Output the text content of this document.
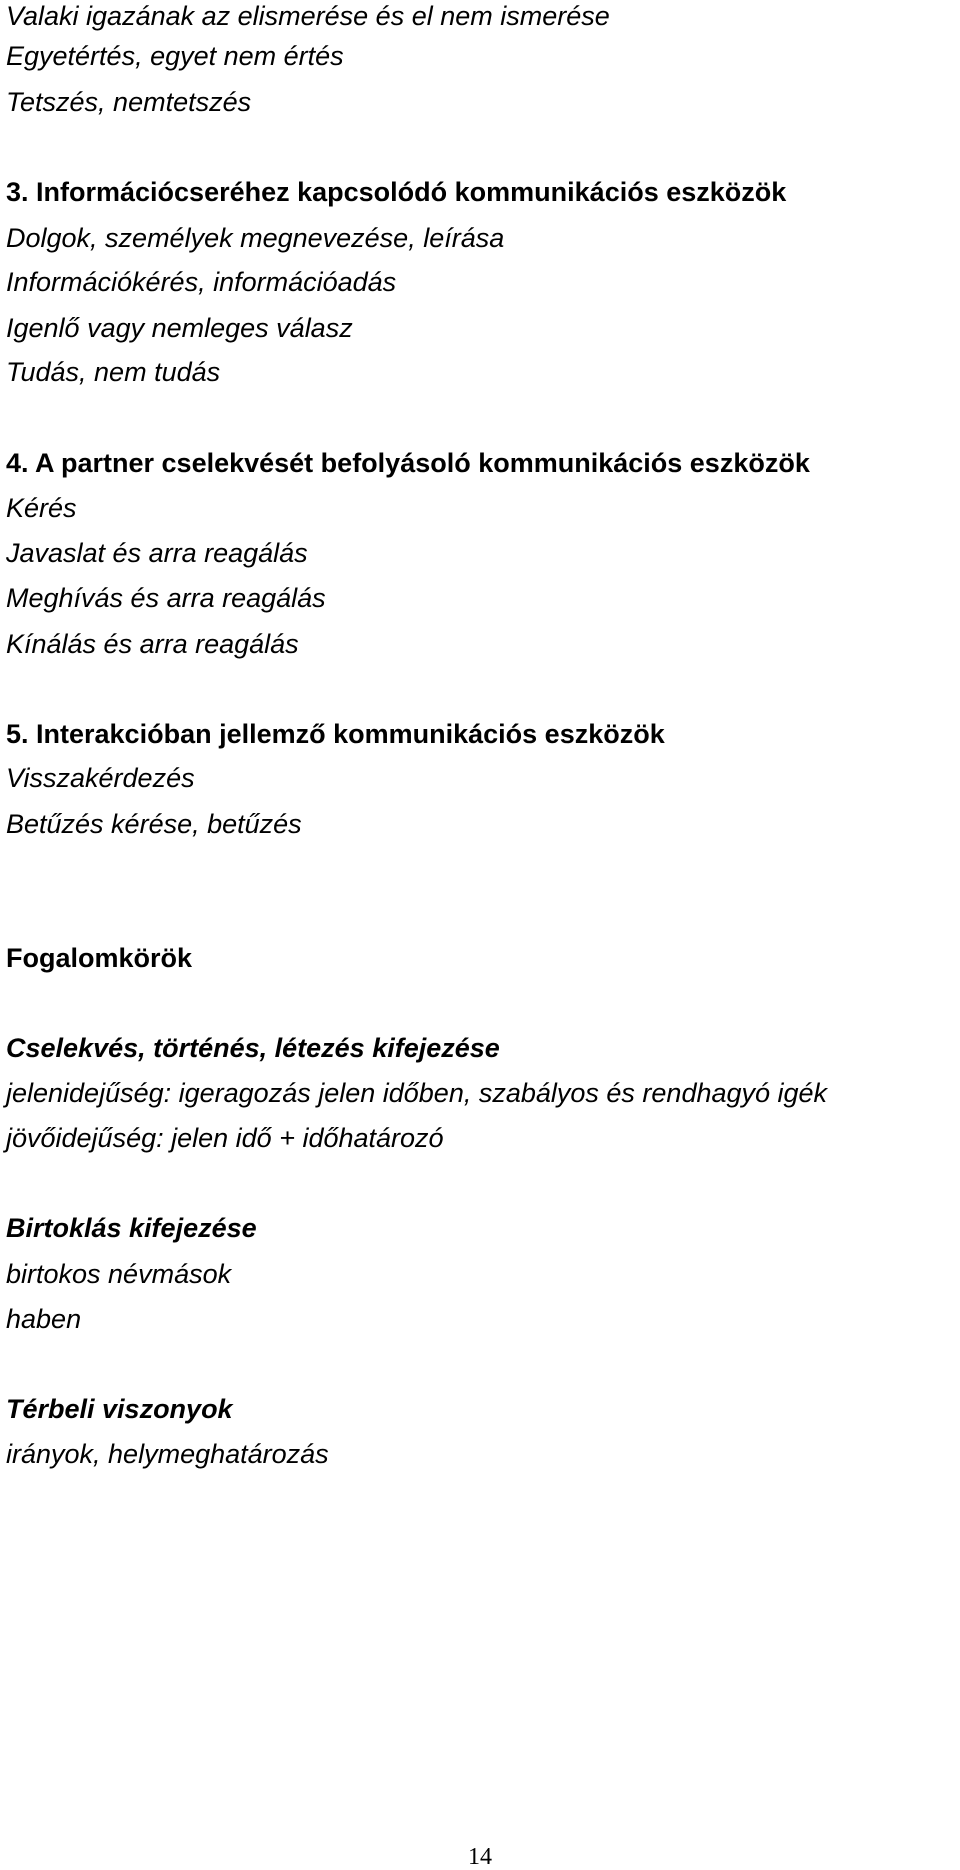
Valaki igazának az elismerése és el nem ismerése
Egyetértés, egyet nem értés
Tetszés, nemtetszés
3. Információcseréhez kapcsolódó kommunikációs eszközök
Dolgok, személyek megnevezése, leírása
Információkérés, információadás
Igenlő vagy nemleges válasz
Tudás, nem tudás
4. A partner cselekvését befolyásoló kommunikációs eszközök
Kérés
Javaslat és arra reagálás
Meghívás és arra reagálás
Kínálás és arra reagálás
5. Interakcióban jellemző kommunikációs eszközök
Visszakérdezés
Betűzés kérése, betűzés
Fogalomkörök
Cselekvés, történés, létezés kifejezése
jelenidejűség: igeragozás jelen időben, szabályos és rendhagyó igék
jövőidejűség: jelen idő + időhatározó
Birtoklás kifejezése
birtokos névmások
haben
Térbeli viszonyok
irányok, helymeghatározás
14
